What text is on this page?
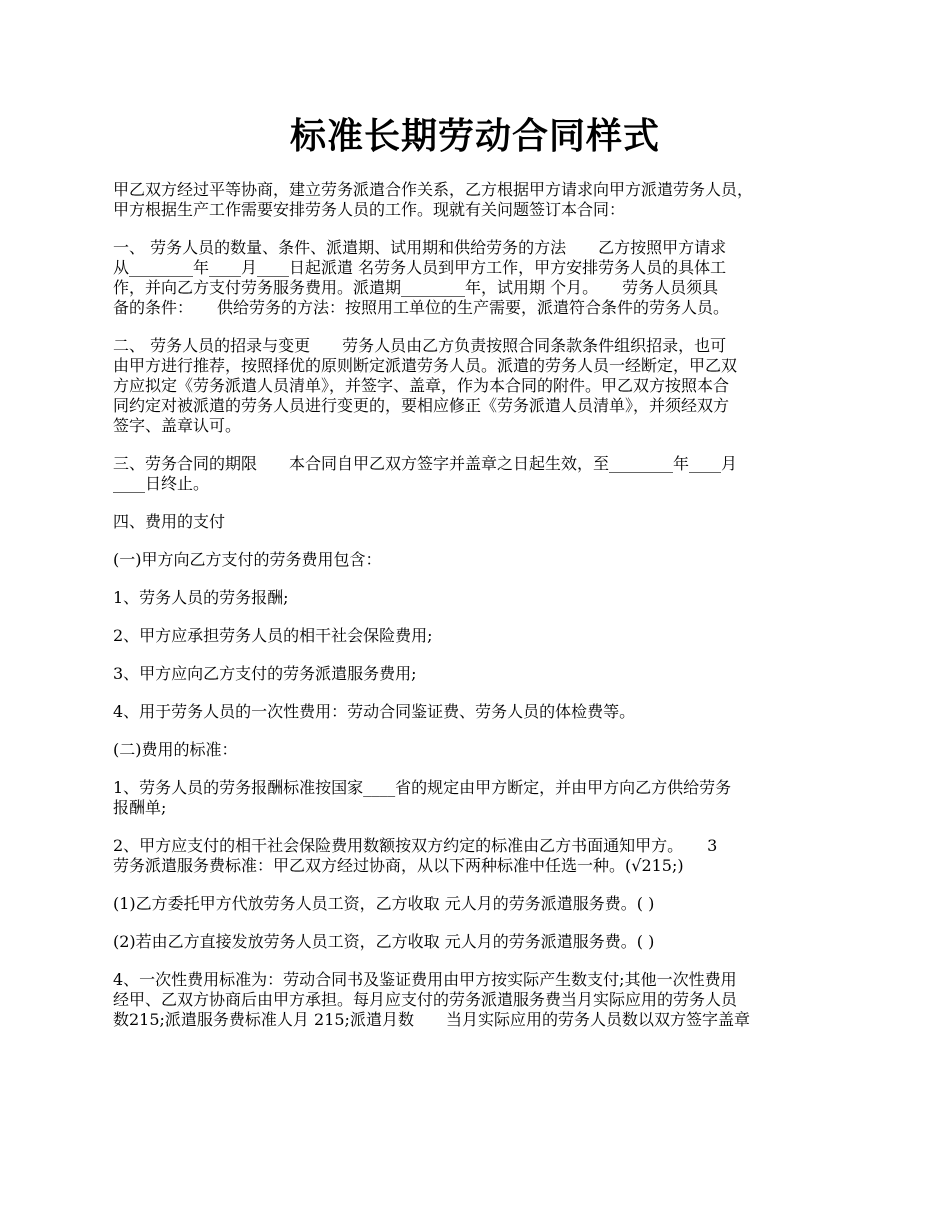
标准长期劳动合同样式

甲乙双方经过平等协商，建立劳务派遣合作关系，乙方根据甲方请求向甲方派遣劳务人员，
甲方根据生产工作需要安排劳务人员的工作。现就有关问题签订本合同：

一、 劳务人员的数量、条件、派遣期、试用期和供给劳务的方法　　乙方按照甲方请求
从________年____月____日起派遣 名劳务人员到甲方工作，甲方安排劳务人员的具体工
作，并向乙方支付劳务服务费用。派遣期________年，试用期 个月。　　劳务人员须具
备的条件：　　供给劳务的方法：按照用工单位的生产需要，派遣符合条件的劳务人员。

二、 劳务人员的招录与变更　　劳务人员由乙方负责按照合同条款条件组织招录，也可
由甲方进行推荐，按照择优的原则断定派遣劳务人员。派遣的劳务人员一经断定，甲乙双
方应拟定《劳务派遣人员清单》，并签字、盖章，作为本合同的附件。甲乙双方按照本合
同约定对被派遣的劳务人员进行变更的，要相应修正《劳务派遣人员清单》，并须经双方
签字、盖章认可。

三、劳务合同的期限　　本合同自甲乙双方签字并盖章之日起生效，至________年____月
____日终止。

四、费用的支付

(一)甲方向乙方支付的劳务费用包含：

1、劳务人员的劳务报酬;

2、甲方应承担劳务人员的相干社会保险费用;

3、甲方应向乙方支付的劳务派遣服务费用;

4、用于劳务人员的一次性费用：劳动合同鉴证费、劳务人员的体检费等。

(二)费用的标准：

1、劳务人员的劳务报酬标准按国家____省的规定由甲方断定，并由甲方向乙方供给劳务
报酬单;

2、甲方应支付的相干社会保险费用数额按双方约定的标准由乙方书面通知甲方。　　3
劳务派遣服务费标准：甲乙双方经过协商，从以下两种标准中任选一种。(√215;)

(1)乙方委托甲方代放劳务人员工资，乙方收取 元人月的劳务派遣服务费。( )

(2)若由乙方直接发放劳务人员工资，乙方收取 元人月的劳务派遣服务费。( )

4、一次性费用标准为：劳动合同书及鉴证费用由甲方按实际产生数支付;其他一次性费用
经甲、乙双方协商后由甲方承担。每月应支付的劳务派遣服务费当月实际应用的劳务人员
数215;派遣服务费标准人月 215;派遣月数　　当月实际应用的劳务人员数以双方签字盖章
